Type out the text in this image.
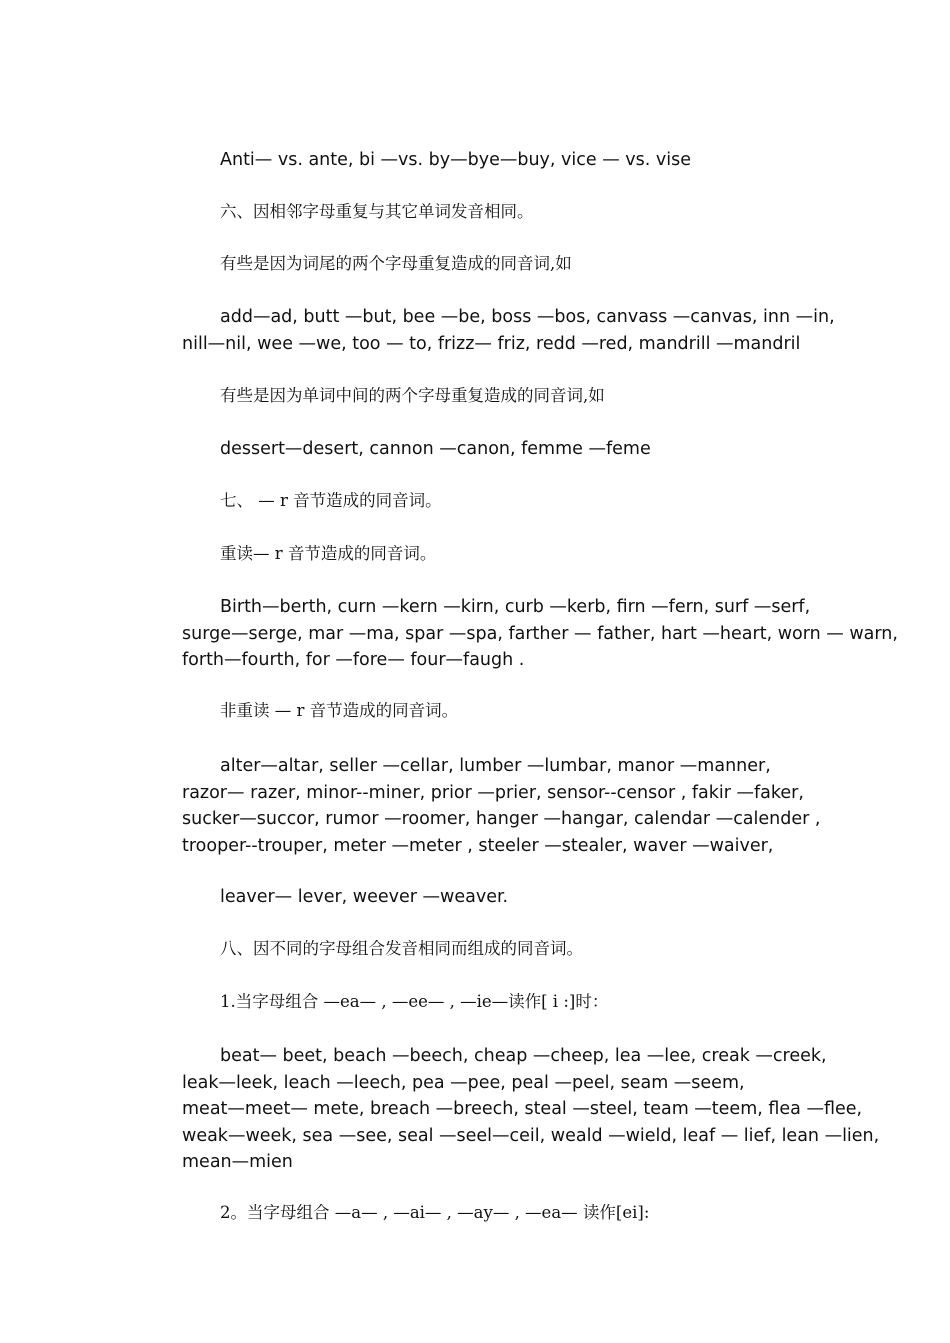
Anti— vs. ante, bi —vs. by—bye—buy, vice — vs. vise
六、因相邻字母重复与其它单词发音相同。
有些是因为词尾的两个字母重复造成的同音词,如
add—ad, butt —but, bee —be, boss —bos, canvass —canvas, inn —in,
nill—nil, wee —we, too — to, frizz— friz, redd —red, mandrill —mandril
有些是因为单词中间的两个字母重复造成的同音词,如
dessert—desert, cannon —canon, femme —feme
七、 — r 音节造成的同音词。
重读— r 音节造成的同音词。
Birth—berth, curn —kern —kirn, curb —kerb, firn —fern, surf —serf,
surge—serge, mar —ma, spar —spa, farther — father, hart —heart, worn — warn,
forth—fourth, for —fore— four—faugh .
非重读 — r 音节造成的同音词。
alter—altar, seller —cellar, lumber —lumbar, manor —manner,
razor— razer, minor--miner, prior —prier, sensor--censor , fakir —faker,
sucker—succor, rumor —roomer, hanger —hangar, calendar —calender ,
trooper--trouper, meter —meter , steeler —stealer, waver —waiver,
leaver— lever, weever —weaver.
八、因不同的字母组合发音相同而组成的同音词。
1.当字母组合 —ea— , —ee— , —ie—读作[ i :]时：
beat— beet, beach —beech, cheap —cheep, lea —lee, creak —creek,
leak—leek, leach —leech, pea —pee, peal —peel, seam —seem,
meat—meet— mete, breach —breech, steal —steel, team —teem, flea —flee,
weak—week, sea —see, seal —seel—ceil, weald —wield, leaf — lief, lean —lien,
mean—mien
2。当字母组合 —a— , —ai— , —ay— , —ea— 读作[ei]:
